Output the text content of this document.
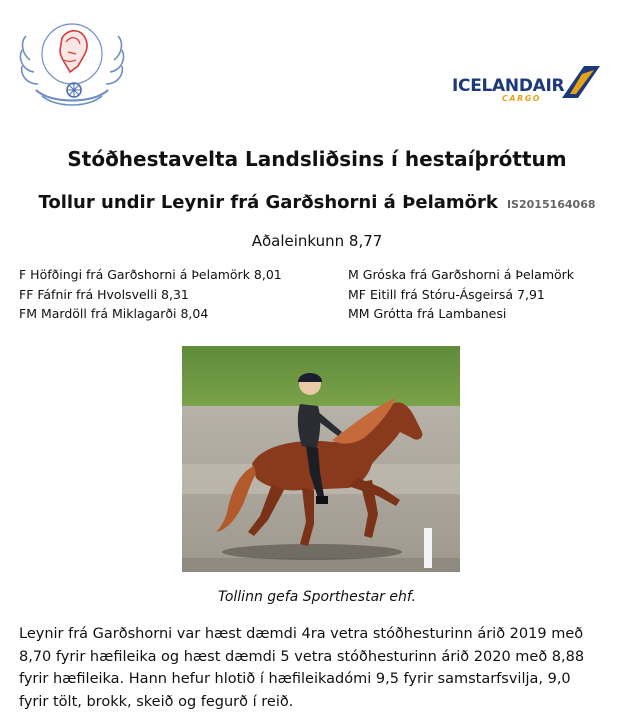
ICELANDAIR
CARGO
Stóðhestavelta Landsliðsins í hestaíþróttum
Tollur undir Leynir frá Garðshorni á Þelamörk IS2015164068
Aðaleinkunn 8,77
F Höfðingi frá Garðshorni á Þelamörk 8,01
FF Fáfnir frá Hvolsvelli 8,31
FM Mardöll frá Miklagarði 8,04
M Gróska frá Garðshorni á Þelamörk
MF Eitill frá Stóru-Ásgeirsá 7,91
MM Grótta frá Lambanesi
Tollinn gefa Sporthestar ehf.
Leynir frá Garðshorni var hæst dæmdi 4ra vetra stóðhesturinn árið 2019 með
8,70 fyrir hæfileika og hæst dæmdi 5 vetra stóðhesturinn árið 2020 með 8,88
fyrir hæfileika. Hann hefur hlotið í hæfileikadómi 9,5 fyrir samstarfsvilja, 9,0
fyrir tölt, brokk, skeið og fegurð í reið.
